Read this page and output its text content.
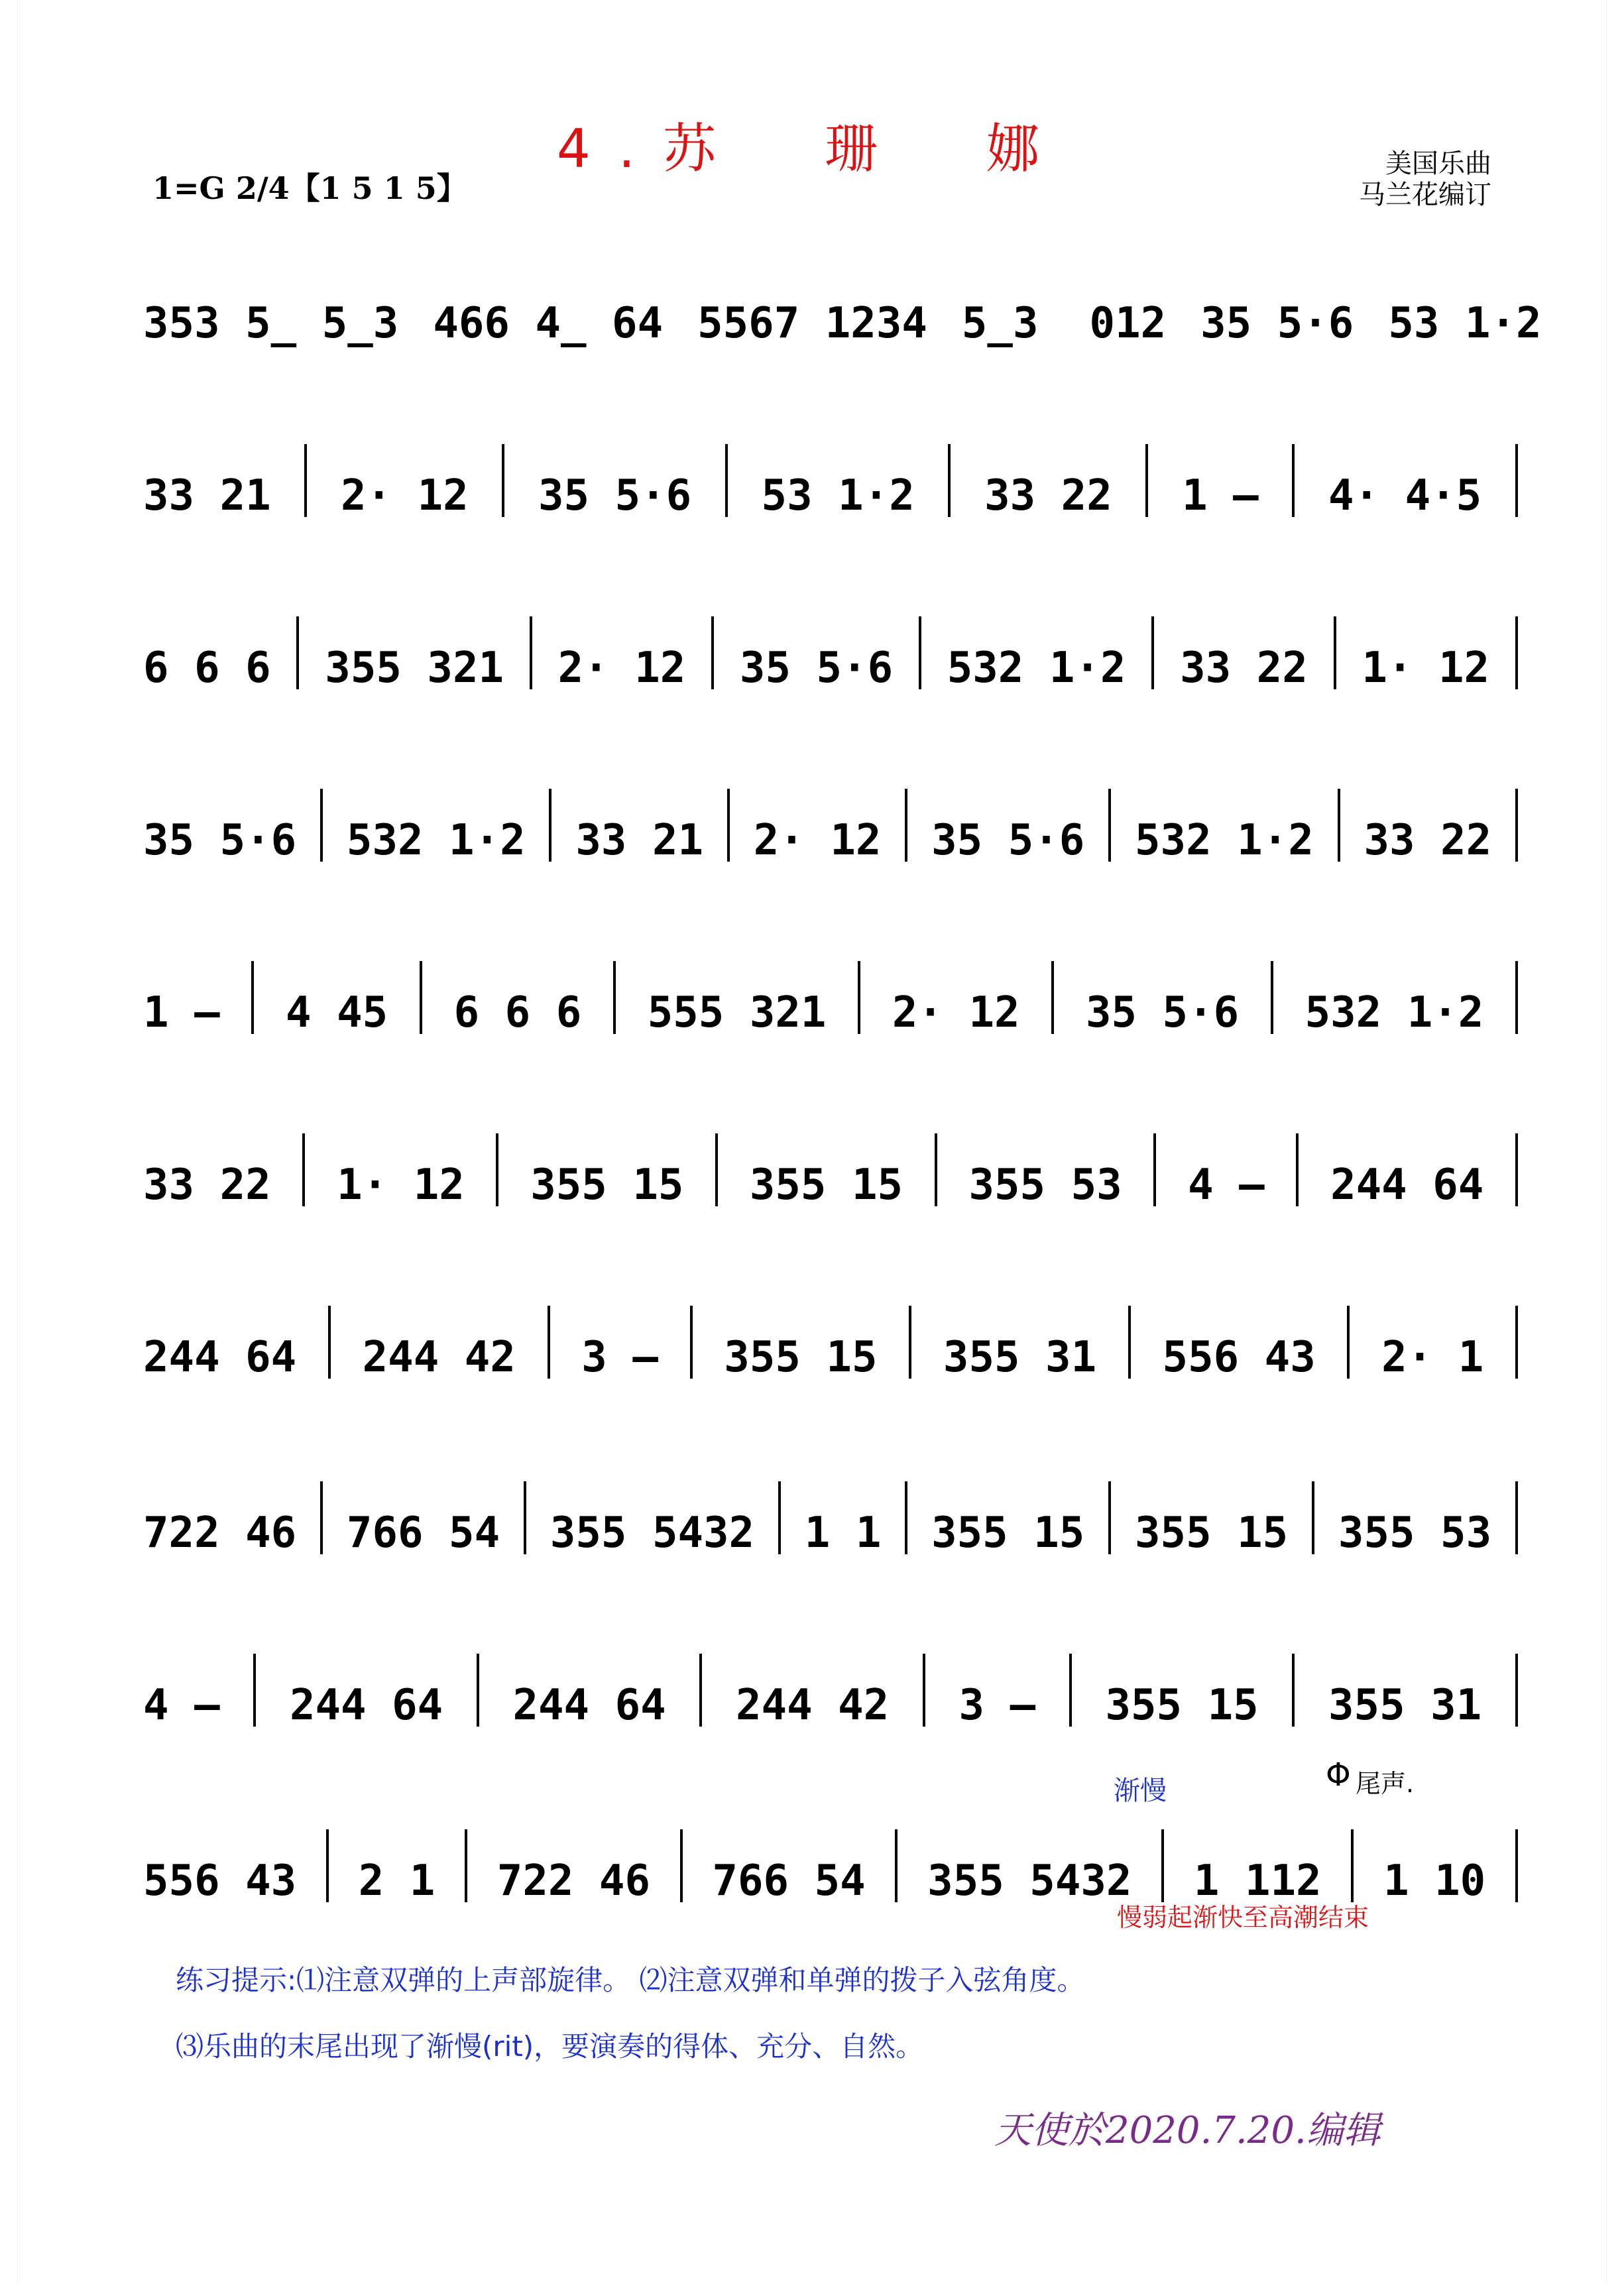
4.苏　珊　娜	美国乐曲
马兰花编订
1=G 2/4【1 5 1 5】
353 5̲ 5̲3 466 4̲ 64 5567 1234 5̲3  012 35 5·6 53 1·2
33 21	2· 12	35 5·6	53 1·2	33 22	1 –	4· 4·5
6 6 6	355 321	2· 12	35 5·6	532 1·2	33 22	1· 12
35 5·6	532 1·2	33 21	2· 12	35 5·6	532 1·2	33 22
1 –	4 45	6 6 6	555 321	2· 12	35 5·6	532 1·2
33 22	1· 12	355 15	355 15	355 53	4 –	244 64
244 64	244 42	3 –	355 15	355 31	556 43	2· 1
722 46	766 54	355 5432	1 1	355 15	355 15	355 53
4 –	244 64	244 64	244 42	3 –	355 15	355 31
556 43	2 1	722 46	766 54	355 5432	1 112	1 10
渐慢	Φ 尾声.
慢弱起渐快至高潮结束
练习提示:⑴注意双弹的上声部旋律。 ⑵注意双弹和单弹的拨子入弦角度。
⑶乐曲的末尾出现了渐慢(rit)，要演奏的得体、充分、自然。
天使於2020.7.20.编辑
